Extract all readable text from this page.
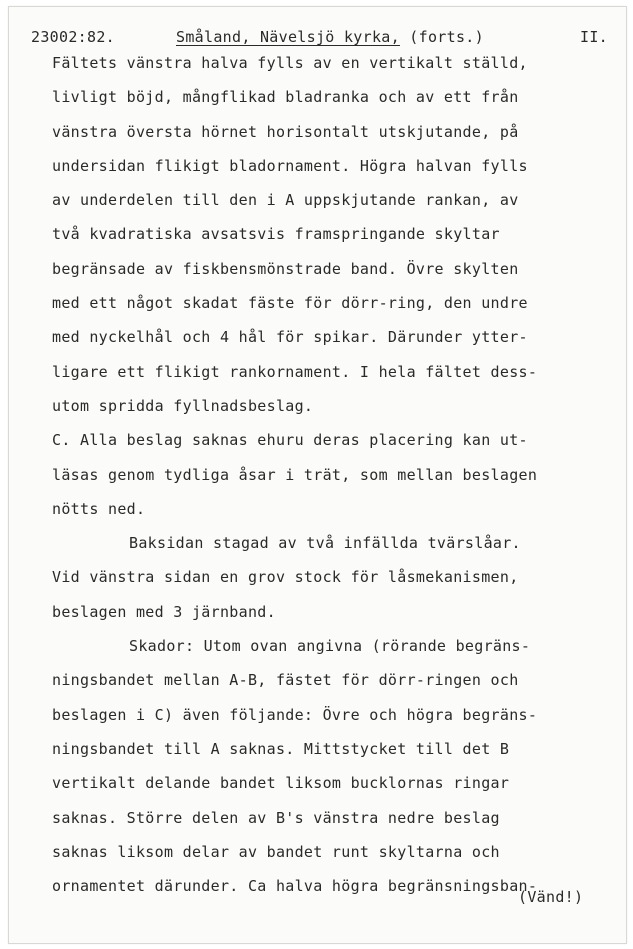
23002:82.	Småland, Nävelsjö kyrka, (forts.)	II.
Fältets vänstra halva fylls av en vertikalt ställd,
livligt böjd, mångflikad bladranka och av ett från
vänstra översta hörnet horisontalt utskjutande, på
undersidan flikigt bladornament. Högra halvan fylls
av underdelen till den i A uppskjutande rankan, av
två kvadratiska avsatsvis framspringande skyltar
begränsade av fiskbensmönstrade band. Övre skylten
med ett något skadat fäste för dörr-ring, den undre
med nyckelhål och 4 hål för spikar. Därunder ytter-
ligare ett flikigt rankornament. I hela fältet dess-
utom spridda fyllnadsbeslag.
C. Alla beslag saknas ehuru deras placering kan ut-
läsas genom tydliga åsar i trät, som mellan beslagen
nötts ned.
Baksidan stagad av två infällda tvärslåar.
Vid vänstra sidan en grov stock för låsmekanismen,
beslagen med 3 järnband.
Skador: Utom ovan angivna (rörande begräns-
ningsbandet mellan A-B, fästet för dörr-ringen och
beslagen i C) även följande: Övre och högra begräns-
ningsbandet till A saknas. Mittstycket till det B
vertikalt delande bandet liksom bucklornas ringar
saknas. Större delen av B's vänstra nedre beslag
saknas liksom delar av bandet runt skyltarna och
ornamentet därunder. Ca halva högra begränsningsban-
(Vänd!)
